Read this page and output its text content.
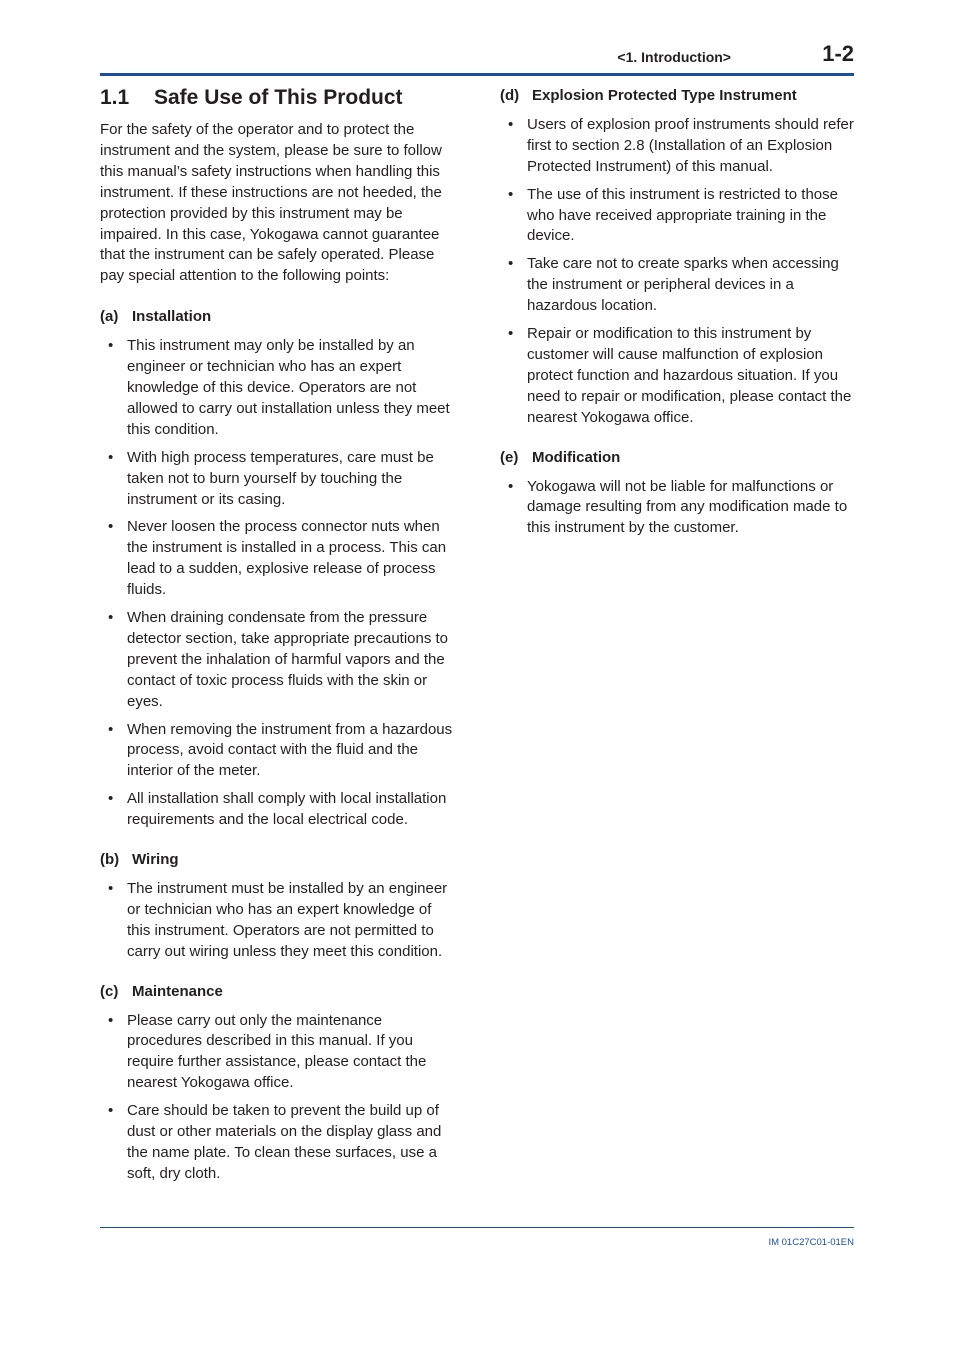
<1. Introduction>	1-2
1.1 Safe Use of This Product

For the safety of the operator and to protect the instrument and the system, please be sure to follow this manual’s safety instructions when handling this instrument. If these instructions are not heeded, the protection provided by this instrument may be impaired. In this case, Yokogawa cannot guarantee that the instrument can be safely operated. Please pay special attention to the following points:

(a) Installation
• This instrument may only be installed by an engineer or technician who has an expert knowledge of this device. Operators are not allowed to carry out installation unless they meet this condition.
• With high process temperatures, care must be taken not to burn yourself by touching the instrument or its casing.
• Never loosen the process connector nuts when the instrument is installed in a process. This can lead to a sudden, explosive release of process fluids.
• When draining condensate from the pressure detector section, take appropriate precautions to prevent the inhalation of harmful vapors and the contact of toxic process fluids with the skin or eyes.
• When removing the instrument from a hazardous process, avoid contact with the fluid and the interior of the meter.
• All installation shall comply with local installation requirements and the local electrical code.
(b) Wiring
• The instrument must be installed by an engineer or technician who has an expert knowledge of this instrument. Operators are not permitted to carry out wiring unless they meet this condition.
(c) Maintenance
• Please carry out only the maintenance procedures described in this manual. If you require further assistance, please contact the nearest Yokogawa office.
• Care should be taken to prevent the build up of dust or other materials on the display glass and the name plate. To clean these surfaces, use a soft, dry cloth.
(d) Explosion Protected Type Instrument
• Users of explosion proof instruments should refer first to section 2.8 (Installation of an Explosion Protected Instrument) of this manual.
• The use of this instrument is restricted to those who have received appropriate training in the device.
• Take care not to create sparks when accessing the instrument or peripheral devices in a hazardous location.
• Repair or modification to this instrument by customer will cause malfunction of explosion protect function and hazardous situation. If you need to repair or modification, please contact the nearest Yokogawa office.
(e) Modification
• Yokogawa will not be liable for malfunctions or damage resulting from any modification made to this instrument by the customer.
IM 01C27C01-01EN
